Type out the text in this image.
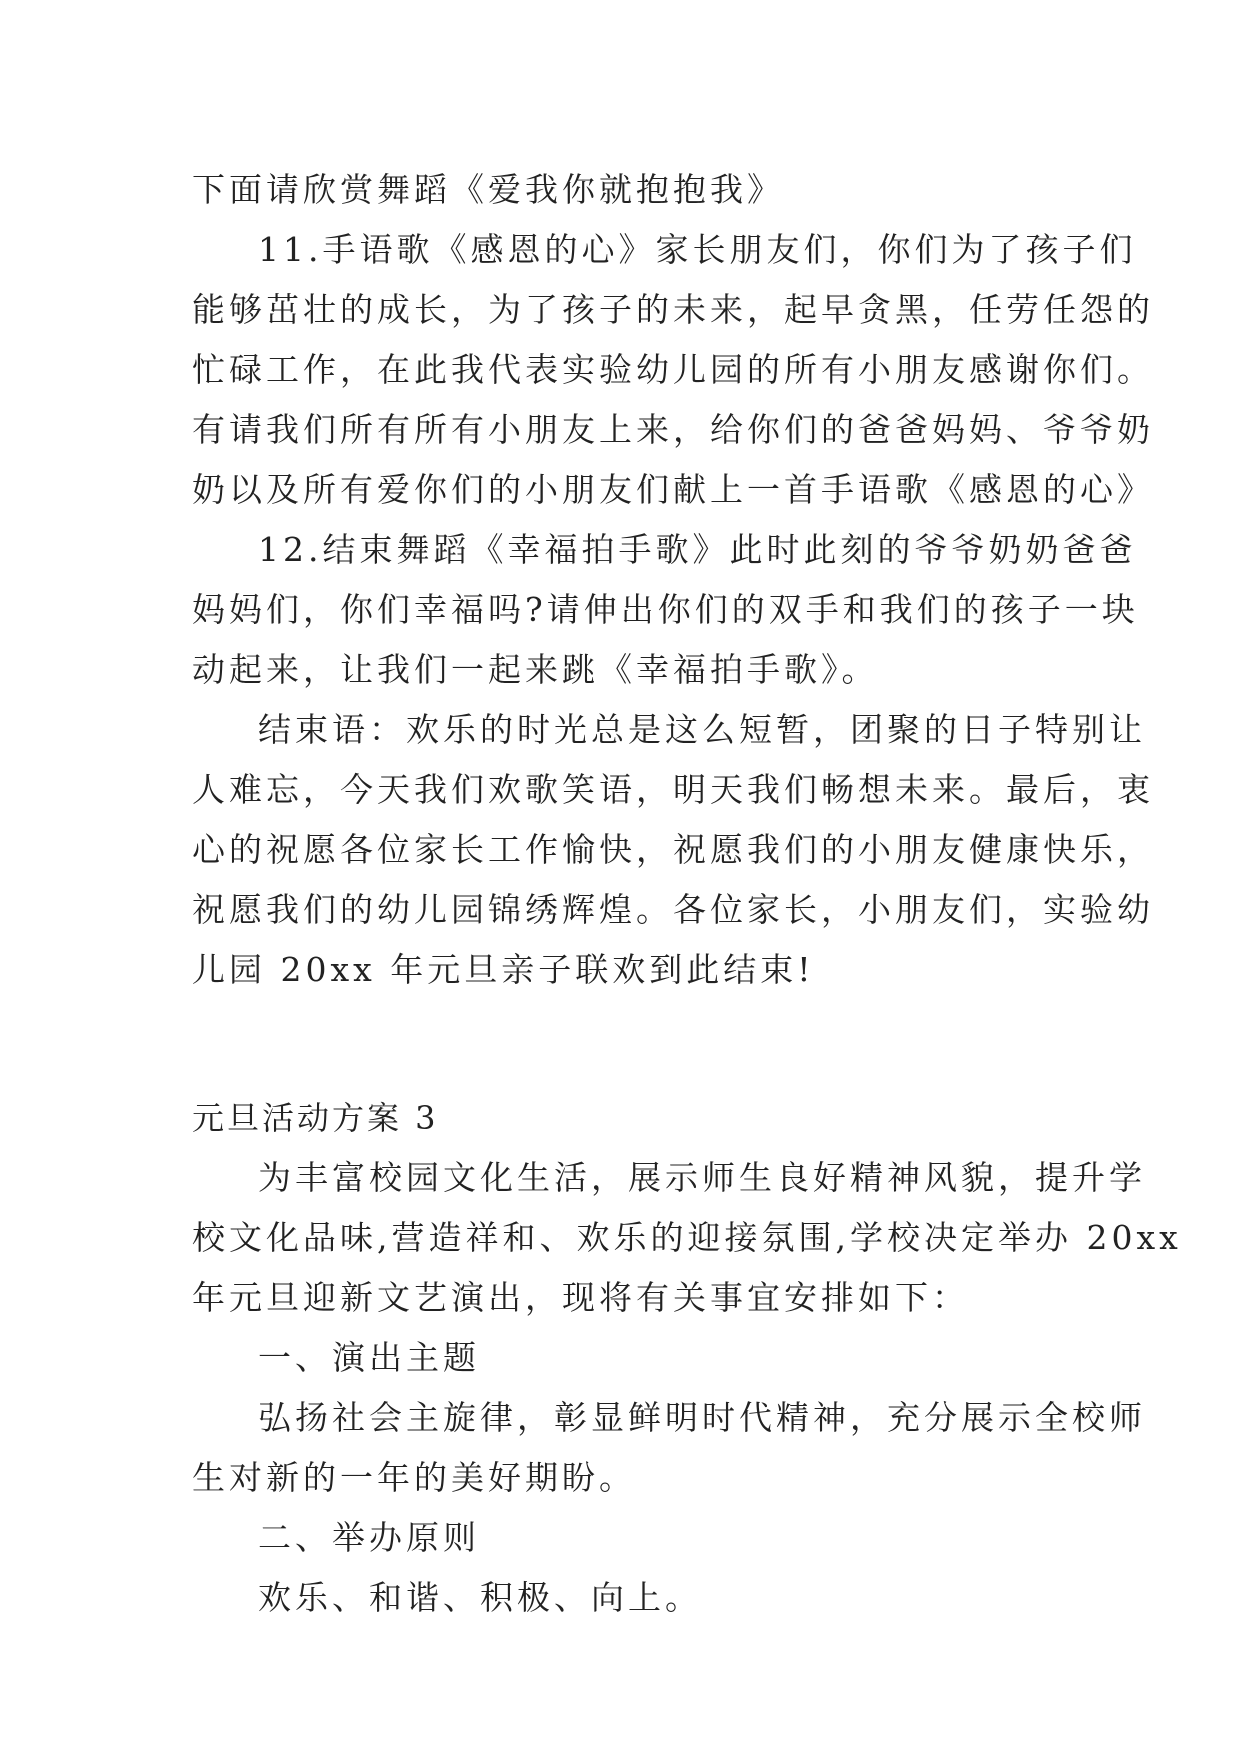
下面请欣赏舞蹈《爱我你就抱抱我》
11.手语歌《感恩的心》家长朋友们，你们为了孩子们
能够茁壮的成长，为了孩子的未来，起早贪黑，任劳任怨的
忙碌工作，在此我代表实验幼儿园的所有小朋友感谢你们。
有请我们所有所有小朋友上来，给你们的爸爸妈妈、爷爷奶
奶以及所有爱你们的小朋友们献上一首手语歌《感恩的心》
12.结束舞蹈《幸福拍手歌》此时此刻的爷爷奶奶爸爸
妈妈们，你们幸福吗?请伸出你们的双手和我们的孩子一块
动起来，让我们一起来跳《幸福拍手歌》。
结束语：欢乐的时光总是这么短暂，团聚的日子特别让
人难忘，今天我们欢歌笑语，明天我们畅想未来。最后，衷
心的祝愿各位家长工作愉快，祝愿我们的小朋友健康快乐，
祝愿我们的幼儿园锦绣辉煌。各位家长，小朋友们，实验幼
儿园 20xx 年元旦亲子联欢到此结束!
元旦活动方案 3
为丰富校园文化生活，展示师生良好精神风貌，提升学
校文化品味,营造祥和、欢乐的迎接氛围,学校决定举办 20xx
年元旦迎新文艺演出，现将有关事宜安排如下：
一、演出主题
弘扬社会主旋律，彰显鲜明时代精神，充分展示全校师
生对新的一年的美好期盼。
二、举办原则
欢乐、和谐、积极、向上。
